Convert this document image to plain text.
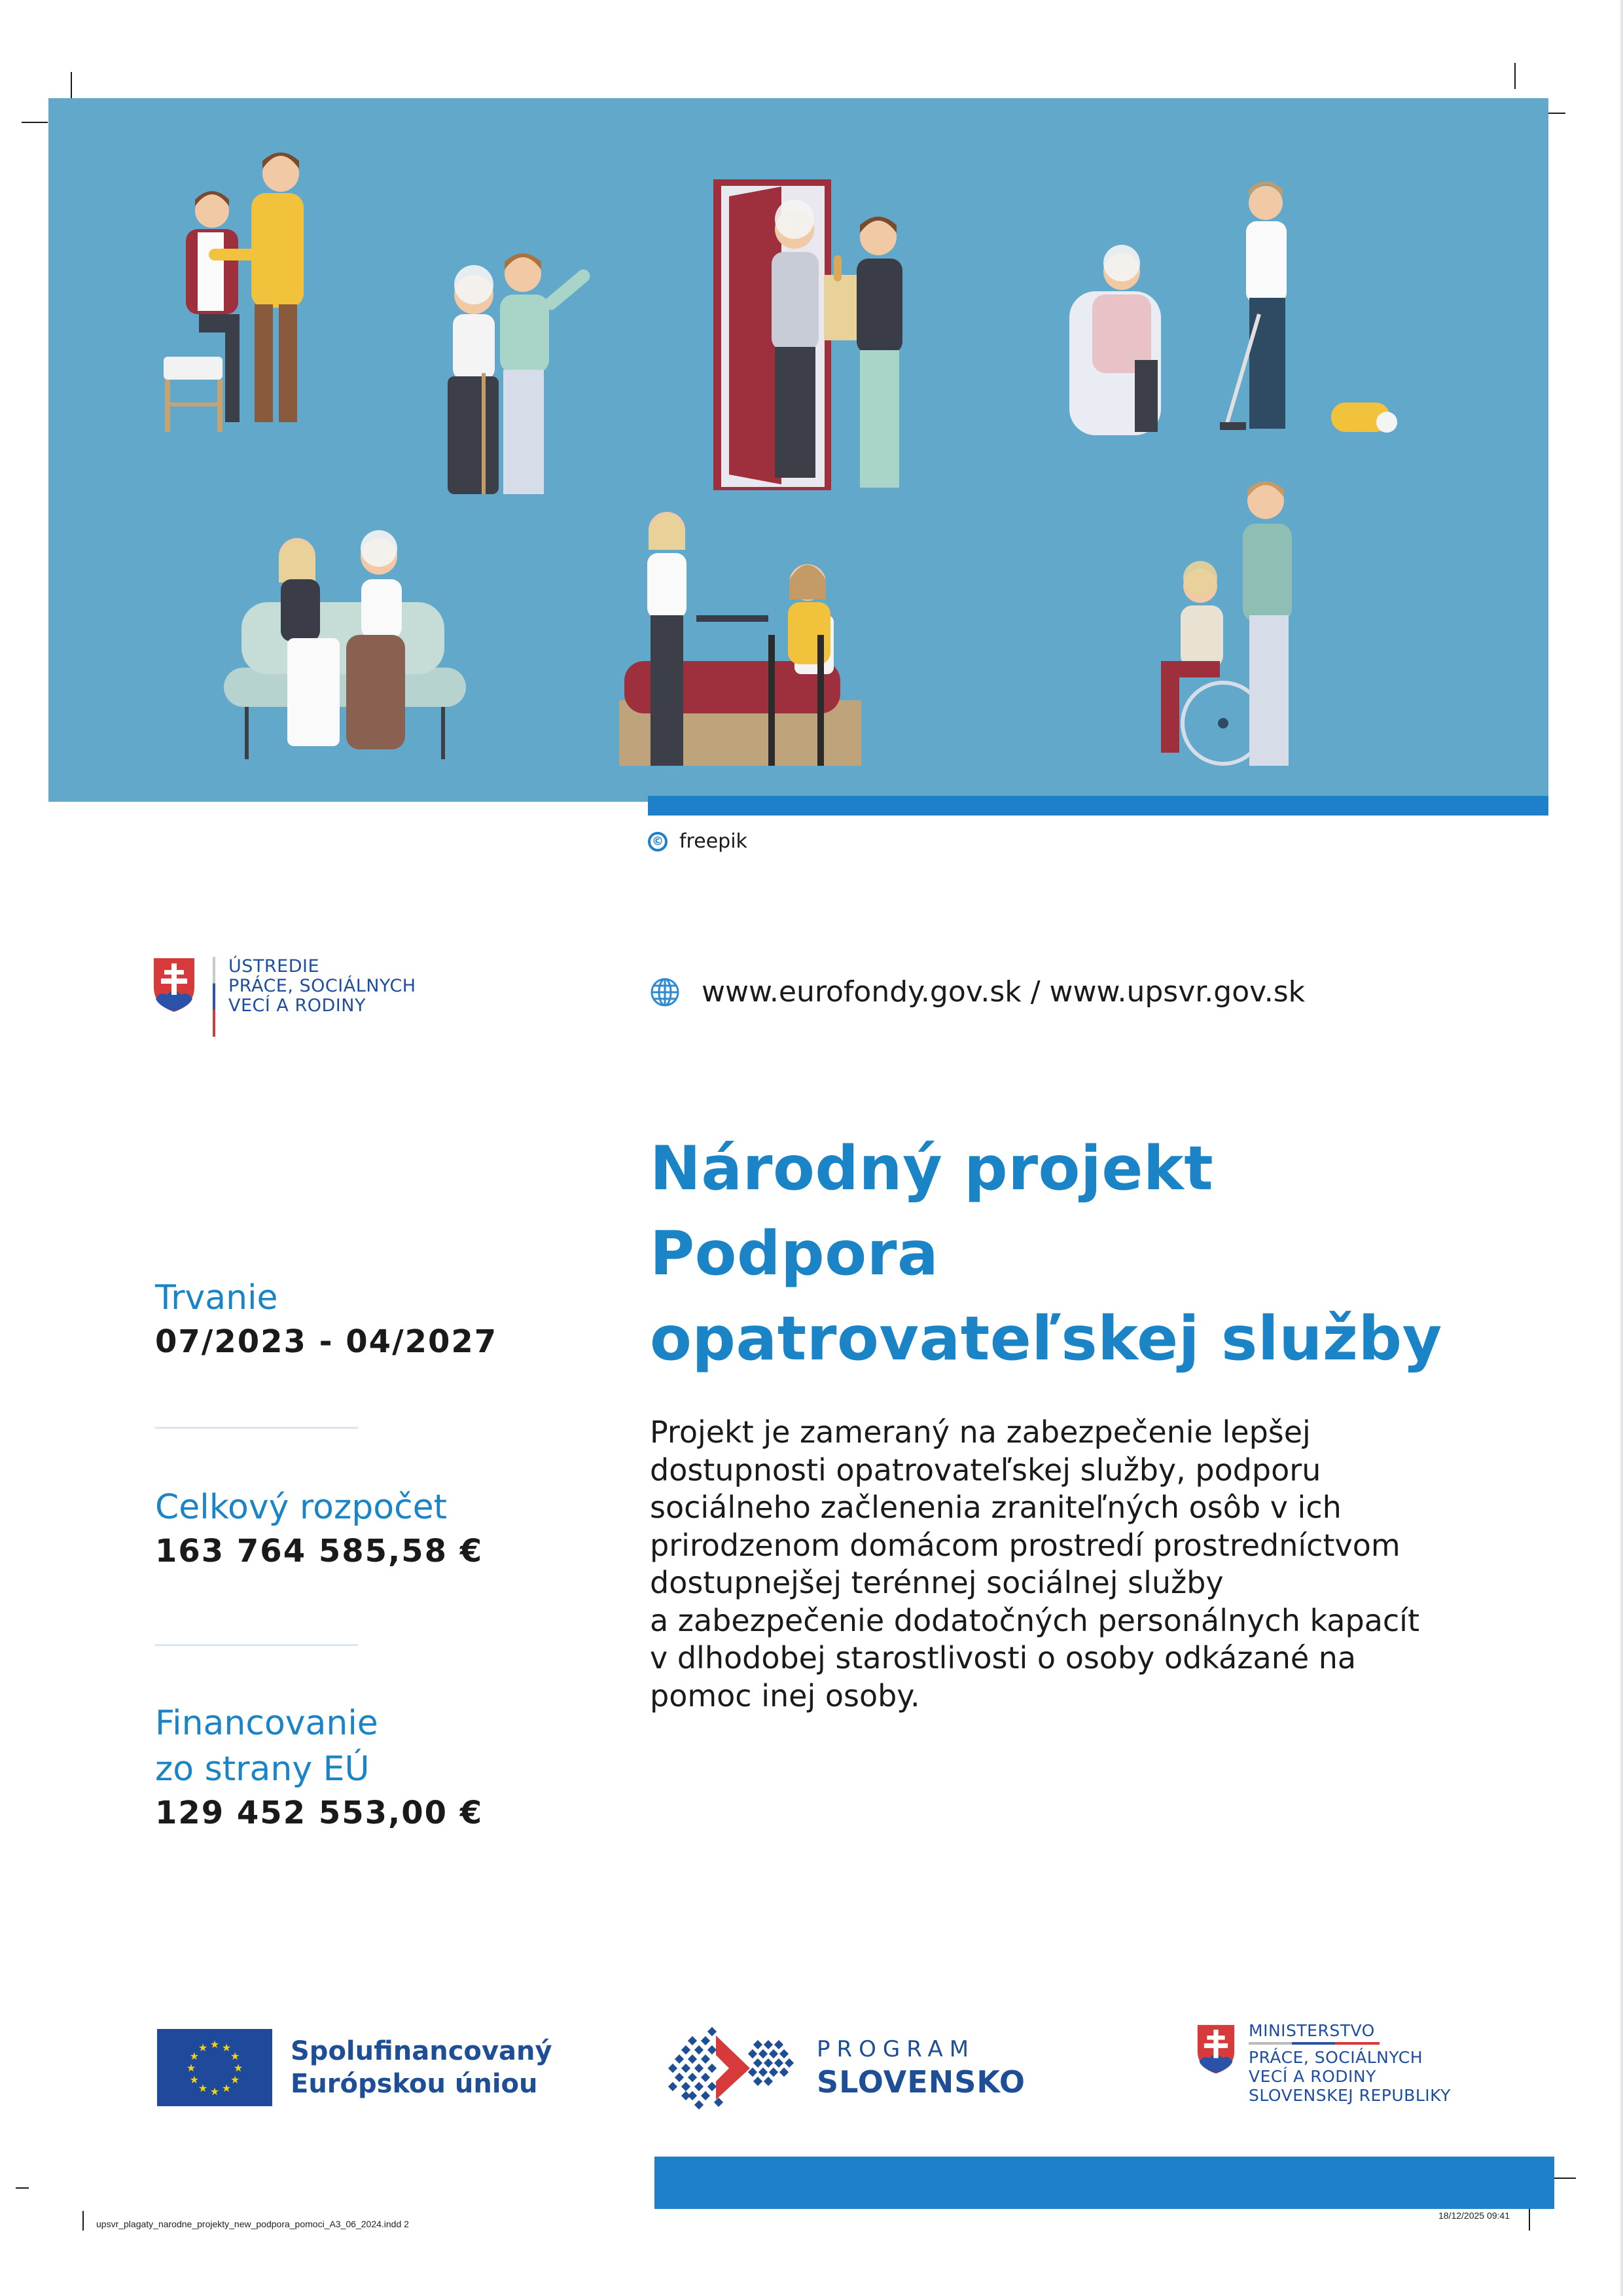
© freepik
ÚSTREDIE
PRÁCE, SOCIÁLNYCH
VECÍ A RODINY	www.eurofondy.gov.sk / www.upsvr.gov.sk
Národný projekt
Podpora
opatrovateľskej služby
Projekt je zameraný na zabezpečenie lepšej
dostupnosti opatrovateľskej služby, podporu
sociálneho začlenenia zraniteľných osôb v ich
prirodzenom domácom prostredí prostredníctvom
dostupnejšej terénnej sociálnej služby
a zabezpečenie dodatočných personálnych kapacít
v dlhodobej starostlivosti o osoby odkázané na
pomoc inej osoby.
Trvanie
07/2023 - 04/2027
Celkový rozpočet
163 764 585,58 €
Financovanie
zo strany EÚ
129 452 553,00 €
★ ★
★
★
★
★
★
★
★
★
★
★	Spolufinancovaný
Európskou úniou
PROGRAM
SLOVENSKO
MINISTERSTVO
PRÁCE, SOCIÁLNYCH
VECÍ A RODINY
SLOVENSKEJ REPUBLIKY
upsvr_plagaty_narodne_projekty_new_podpora_pomoci_A3_06_2024.indd 2
18/12/2025 09:41
